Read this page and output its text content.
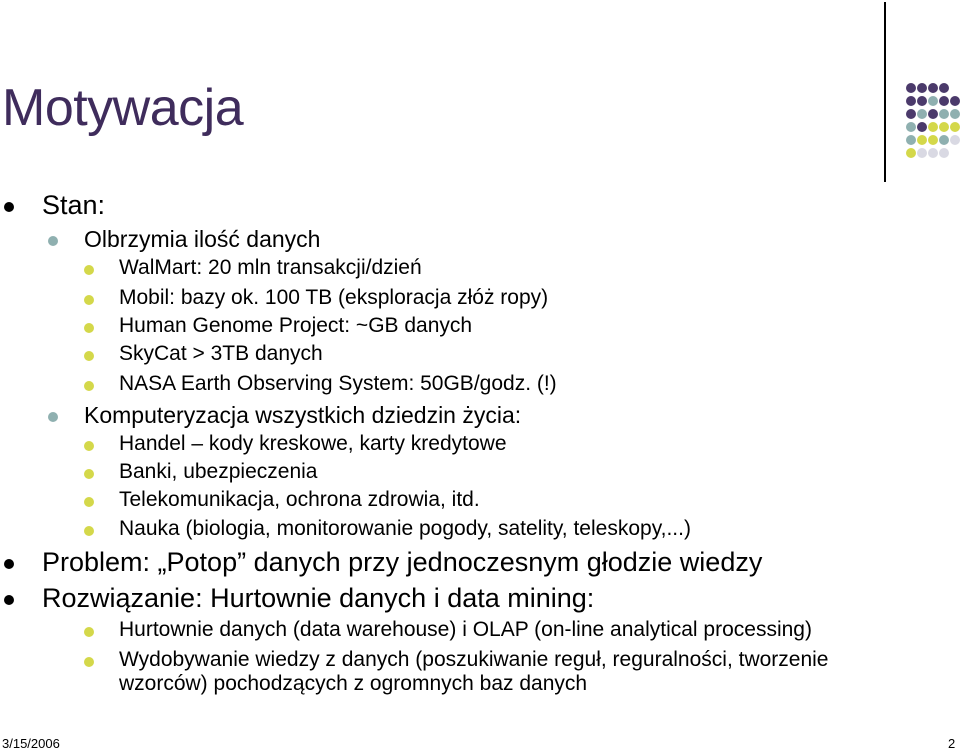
Motywacja
Stan:
Olbrzymia ilość danych
WalMart: 20 mln transakcji/dzień
Mobil: bazy ok. 100 TB (eksploracja złóż ropy)
Human Genome Project: ~GB danych
SkyCat > 3TB danych
NASA Earth Observing System: 50GB/godz. (!)
Komputeryzacja wszystkich dziedzin życia:
Handel – kody kreskowe, karty kredytowe
Banki, ubezpieczenia
Telekomunikacja, ochrona zdrowia, itd.
Nauka (biologia, monitorowanie pogody, satelity, teleskopy,...)
Problem: „Potop” danych przy jednoczesnym głodzie wiedzy
Rozwiązanie: Hurtownie danych i data mining:
Hurtownie danych (data warehouse) i OLAP (on-line analytical processing)
Wydobywanie wiedzy z danych (poszukiwanie reguł, reguralności, tworzenie
wzorców) pochodzących z ogromnych baz danych
3/15/2006	2
